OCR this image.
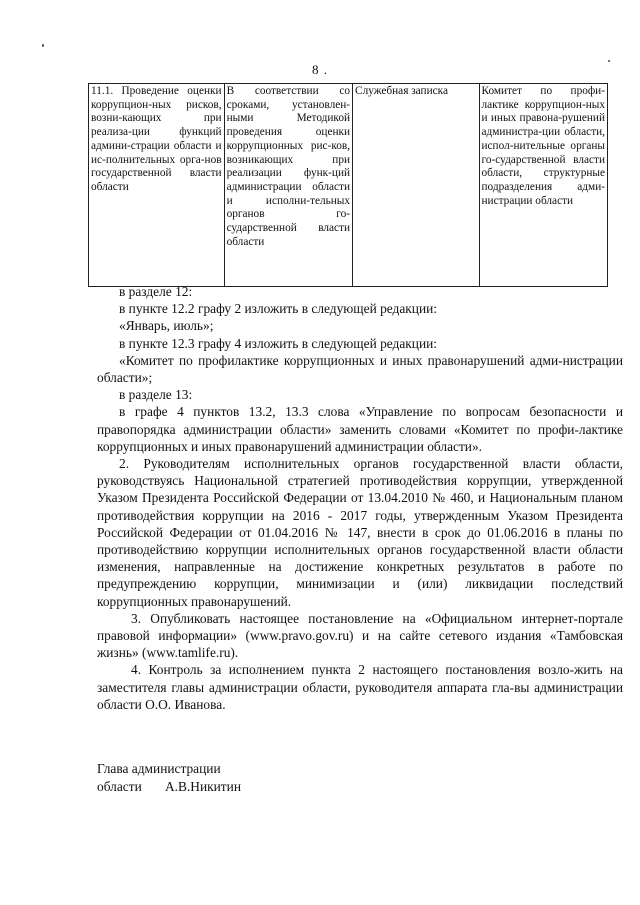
8 .
11.1. Проведение оценки коррупцион-ных рисков, возни-кающих при реализа-ции функций админи-страции области и ис-полнительных орга-нов государственной власти области	В соответствии со сроками, установлен-ными Методикой проведения оценки коррупционных рис-ков, возникающих при реализации функ-ций администрации области и исполни-тельных органов го-сударственной власти области	Служебная записка	Комитет по профи-лактике коррупцион-ных и иных правона-рушений администра-ции области, испол-нительные органы го-сударственной власти области, структурные подразделения адми-нистрации области

в разделе 12:

в пункте 12.2 графу 2 изложить в следующей редакции:

«Январь, июль»;

в пункте 12.3 графу 4 изложить в следующей редакции:

«Комитет по профилактике коррупционных и иных правонарушений адми-нистрации области»;

в разделе 13:

в графе 4 пунктов 13.2, 13.3 слова «Управление по вопросам безопасности и правопорядка администрации области» заменить словами «Комитет по профи-лактике коррупционных и иных правонарушений администрации области».

2. Руководителям исполнительных органов государственной власти области, руководствуясь Национальной стратегией противодействия коррупции, утвержденной Указом Президента Российской Федерации от 13.04.2010 № 460, и Национальным планом противодействия коррупции на 2016 - 2017 годы, утвержденным Указом Президента Российской Федерации от 01.04.2016 № 147, внести в срок до 01.06.2016 в планы по противодействию коррупции исполнительных органов государственной власти области изменения, направленные на достижение конкретных результатов в работе по предупреждению коррупции, минимизации и (или) ликвидации последствий коррупционных правонарушений.

3. Опубликовать настоящее постановление на «Официальном интернет-портале правовой информации» (www.pravo.gov.ru) и на сайте сетевого издания «Тамбовская жизнь» (www.tamlife.ru).

4. Контроль за исполнением пункта 2 настоящего постановления возло-жить на заместителя главы администрации области, руководителя аппарата гла-вы администрации области О.О. Иванова.

Глава администрации
области А.В.Никитин
